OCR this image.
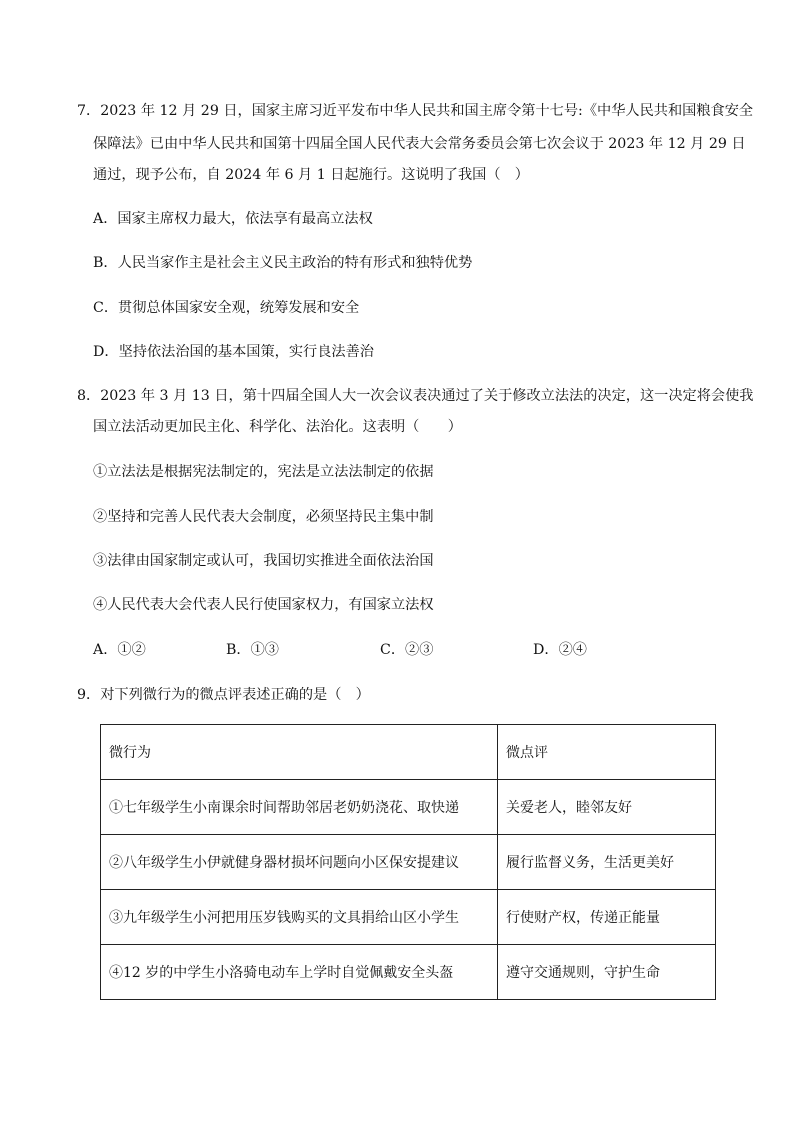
7．2023 年 12 月 29 日，国家主席习近平发布中华人民共和国主席令第十七号:《中华人民共和国粮食安全
保障法》已由中华人民共和国第十四届全国人民代表大会常务委员会第七次会议于 2023 年 12 月 29 日
通过，现予公布，自 2024 年 6 月 1 日起施行。这说明了我国（　）
A．国家主席权力最大，依法享有最高立法权
B．人民当家作主是社会主义民主政治的特有形式和独特优势
C．贯彻总体国家安全观，统筹发展和安全
D．坚持依法治国的基本国策，实行良法善治
8．2023 年 3 月 13 日，第十四届全国人大一次会议表决通过了关于修改立法法的决定，这一决定将会使我
国立法活动更加民主化、科学化、法治化。这表明（　　）
①立法法是根据宪法制定的，宪法是立法法制定的依据
②坚持和完善人民代表大会制度，必须坚持民主集中制
③法律由国家制定或认可，我国切实推进全面依法治国
④人民代表大会代表人民行使国家权力，有国家立法权
A．①②	B．①③	C．②③	D．②④
9．对下列微行为的微点评表述正确的是（　）
微行为	微点评
①七年级学生小南课余时间帮助邻居老奶奶浇花、取快递	关爱老人，睦邻友好
②八年级学生小伊就健身器材损坏问题向小区保安提建议	履行监督义务，生活更美好
③九年级学生小河把用压岁钱购买的文具捐给山区小学生	行使财产权，传递正能量
④12 岁的中学生小洛骑电动车上学时自觉佩戴安全头盔	遵守交通规则，守护生命
